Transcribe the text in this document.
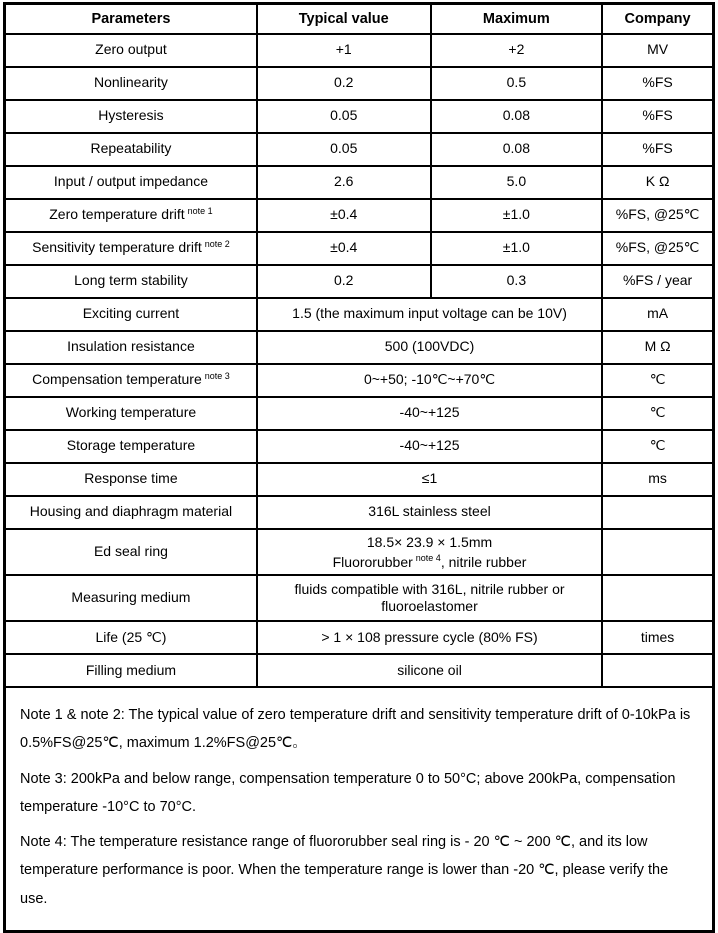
Parameters	Typical value	Maximum	Company
Zero output	+1	+2	MV
Nonlinearity	0.2	0.5	%FS
Hysteresis	0.05	0.08	%FS
Repeatability	0.05	0.08	%FS
Input / output impedance	2.6	5.0	K Ω
Zero temperature drift $^{note 1}$	±0.4	±1.0	%FS, @25℃
Sensitivity temperature drift $^{note 2}$	±0.4	±1.0	%FS, @25℃
Long term stability	0.2	0.3	%FS / year
Exciting current	1.5 (the maximum input voltage can be 10V)		mA
Insulation resistance	500 (100VDC)		M Ω
Compensation temperature $^{note 3}$	0~+50; -10℃~+70℃		℃
Working temperature	-40~+125		℃
Storage temperature	-40~+125		℃
Response time	≤1		ms
Housing and diaphragm material	316L stainless steel		
Ed seal ring	18.5× 23.9 × 1.5mm
Fluororubber $^{note 4}$, nitrile rubber		

Measuring medium	fluids compatible with 316L, nitrile rubber or fluoroelastomer		
Life (25 ℃)	> 1 × 108 pressure cycle (80% FS)		times
Filling medium	silicone oil		

Note 1 & note 2: The typical value of zero temperature drift and sensitivity temperature drift of 0-10kPa is 0.5%FS@25℃, maximum 1.2%FS@25℃。

Note 3: 200kPa and below range, compensation temperature 0 to 50°C; above 200kPa, compensation temperature -10°C to 70°C.

Note 4: The temperature resistance range of fluororubber seal ring is - 20 ℃ ~ 200 ℃, and its low temperature performance is poor. When the temperature range is lower than -20 ℃, please verify the use.			
